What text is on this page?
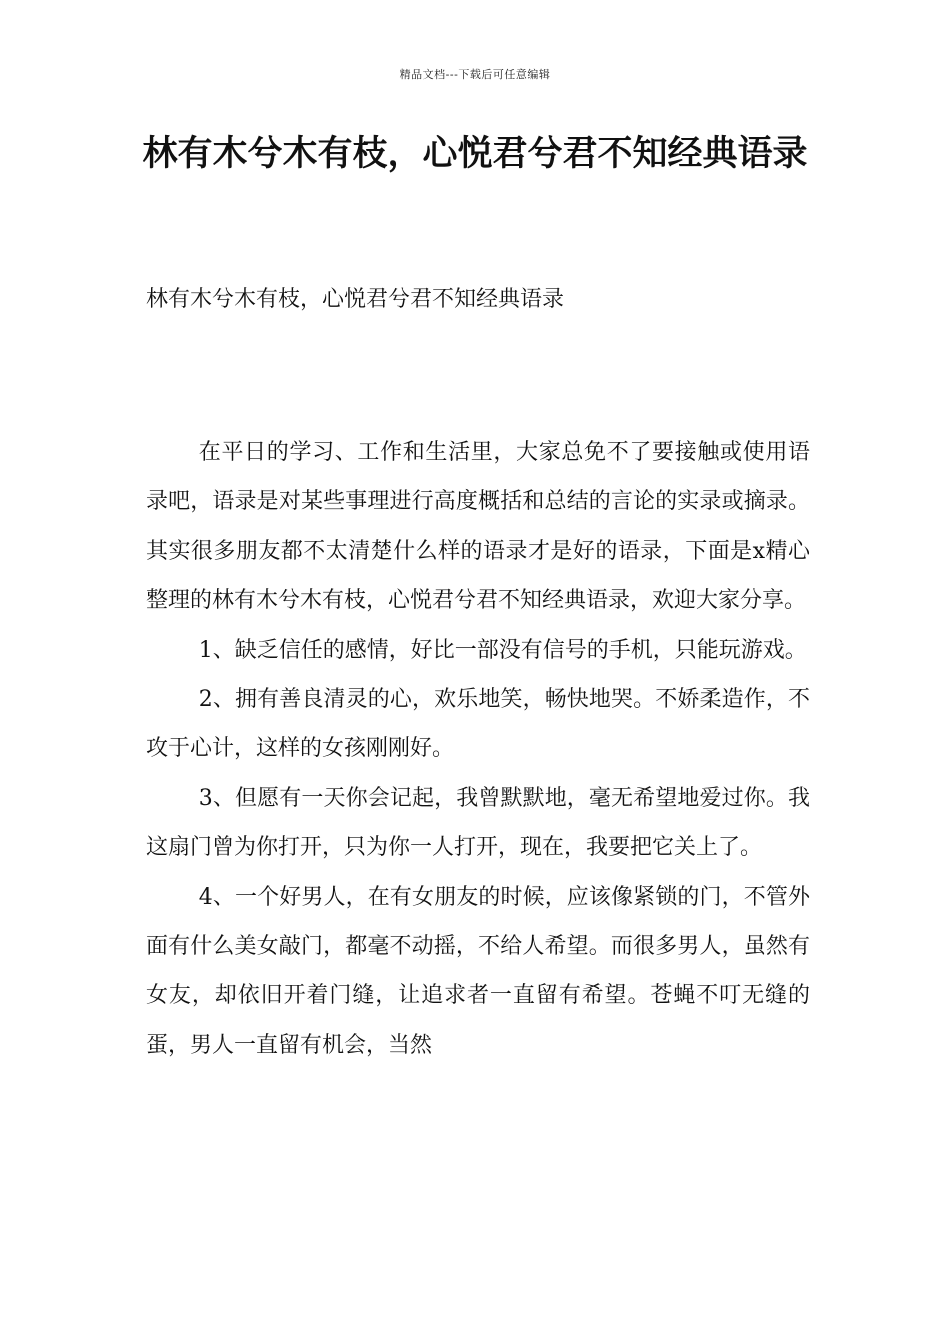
精品文档---下载后可任意编辑
林有木兮木有枝，心悦君兮君不知经典语录

林有木兮木有枝，心悦君兮君不知经典语录

在平日的学习、工作和生活里，大家总免不了要接触或使用语录吧，语录是对某些事理进行高度概括和总结的言论的实录或摘录。其实很多朋友都不太清楚什么样的语录才是好的语录，下面是x精心整理的林有木兮木有枝，心悦君兮君不知经典语录，欢迎大家分享。

1、缺乏信任的感情，好比一部没有信号的手机，只能玩游戏。

2、拥有善良清灵的心，欢乐地笑，畅快地哭。不娇柔造作，不攻于心计，这样的女孩刚刚好。

3、但愿有一天你会记起，我曾默默地，毫无希望地爱过你。我这扇门曾为你打开，只为你一人打开，现在，我要把它关上了。

4、一个好男人，在有女朋友的时候，应该像紧锁的门，不管外面有什么美女敲门，都毫不动摇，不给人希望。而很多男人，虽然有女友，却依旧开着门缝，让追求者一直留有希望。苍蝇不叮无缝的蛋，男人一直留有机会，当然
